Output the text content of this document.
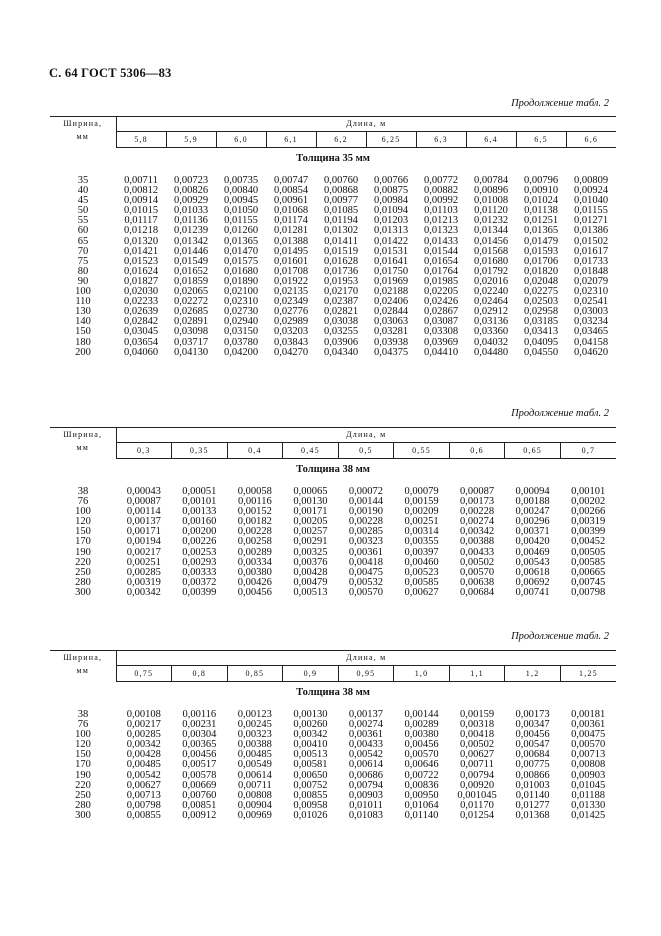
С. 64 ГОСТ 5306—83
Продолжение табл. 2
Ширина,
мм	Длина, м									
	5,8	5,9	6,0	6,1	6,2	6,25	6,3	6,4	6,5	6,6
Толщина 35 мм										

35	0,00711	0,00723	0,00735	0,00747	0,00760	0,00766	0,00772	0,00784	0,00796	0,00809
40	0,00812	0,00826	0,00840	0,00854	0,00868	0,00875	0,00882	0,00896	0,00910	0,00924
45	0,00914	0,00929	0,00945	0,00961	0,00977	0,00984	0,00992	0,01008	0,01024	0,01040
50	0,01015	0,01033	0,01050	0,01068	0,01085	0,01094	0,01103	0,01120	0,01138	0,01155
55	0,01117	0,01136	0,01155	0,01174	0,01194	0,01203	0,01213	0,01232	0,01251	0,01271
60	0,01218	0,01239	0,01260	0,01281	0,01302	0,01313	0,01323	0,01344	0,01365	0,01386
65	0,01320	0,01342	0,01365	0,01388	0,01411	0,01422	0,01433	0,01456	0,01479	0,01502
70	0,01421	0,01446	0,01470	0,01495	0,01519	0,01531	0,01544	0,01568	0,01593	0,01617
75	0,01523	0,01549	0,01575	0,01601	0,01628	0,01641	0,01654	0,01680	0,01706	0,01733
80	0,01624	0,01652	0,01680	0,01708	0,01736	0,01750	0,01764	0,01792	0,01820	0,01848
90	0,01827	0,01859	0,01890	0,01922	0,01953	0,01969	0,01985	0,02016	0,02048	0,02079
100	0,02030	0,02065	0,02100	0,02135	0,02170	0,02188	0,02205	0,02240	0,02275	0,02310
110	0,02233	0,02272	0,02310	0,02349	0,02387	0,02406	0,02426	0,02464	0,02503	0,02541
130	0,02639	0,02685	0,02730	0,02776	0,02821	0,02844	0,02867	0,02912	0,02958	0,03003
140	0,02842	0,02891	0,02940	0,02989	0,03038	0,03063	0,03087	0,03136	0,03185	0,03234
150	0,03045	0,03098	0,03150	0,03203	0,03255	0,03281	0,03308	0,03360	0,03413	0,03465
180	0,03654	0,03717	0,03780	0,03843	0,03906	0,03938	0,03969	0,04032	0,04095	0,04158
200	0,04060	0,04130	0,04200	0,04270	0,04340	0,04375	0,04410	0,04480	0,04550	0,04620
Продолжение табл. 2
Ширина,
мм	Длина, м								
	0,3	0,35	0,4	0,45	0,5	0,55	0,6	0,65	0,7
Толщина 38 мм									

38	0,00043	0,00051	0,00058	0,00065	0,00072	0,00079	0,00087	0,00094	0,00101
76	0,00087	0,00101	0,00116	0,00130	0,00144	0,00159	0,00173	0,00188	0,00202
100	0,00114	0,00133	0,00152	0,00171	0,00190	0,00209	0,00228	0,00247	0,00266
120	0,00137	0,00160	0,00182	0,00205	0,00228	0,00251	0,00274	0,00296	0,00319
150	0,00171	0,00200	0,00228	0,00257	0,00285	0,00314	0,00342	0,00371	0,00399
170	0,00194	0,00226	0,00258	0,00291	0,00323	0,00355	0,00388	0,00420	0,00452
190	0,00217	0,00253	0,00289	0,00325	0,00361	0,00397	0,00433	0,00469	0,00505
220	0,00251	0,00293	0,00334	0,00376	0,00418	0,00460	0,00502	0,00543	0,00585
250	0,00285	0,00333	0,00380	0,00428	0,00475	0,00523	0,00570	0,00618	0,00665
280	0,00319	0,00372	0,00426	0,00479	0,00532	0,00585	0,00638	0,00692	0,00745
300	0,00342	0,00399	0,00456	0,00513	0,00570	0,00627	0,00684	0,00741	0,00798
Продолжение табл. 2
Ширина,
мм	Длина, м								
	0,75	0,8	0,85	0,9	0,95	1,0	1,1	1,2	1,25
Толщина 38 мм									

38	0,00108	0,00116	0,00123	0,00130	0,00137	0,00144	0,00159	0,00173	0,00181
76	0,00217	0,00231	0,00245	0,00260	0,00274	0,00289	0,00318	0,00347	0,00361
100	0,00285	0,00304	0,00323	0,00342	0,00361	0,00380	0,00418	0,00456	0,00475
120	0,00342	0,00365	0,00388	0,00410	0,00433	0,00456	0,00502	0,00547	0,00570
150	0,00428	0,00456	0,00485	0,00513	0,00542	0,00570	0,00627	0,00684	0,00713
170	0,00485	0,00517	0,00549	0,00581	0,00614	0,00646	0,00711	0,00775	0,00808
190	0,00542	0,00578	0,00614	0,00650	0,00686	0,00722	0,00794	0,00866	0,00903
220	0,00627	0,00669	0,00711	0,00752	0,00794	0,00836	0,00920	0,01003	0,01045
250	0,00713	0,00760	0,00808	0,00855	0,00903	0,00950	0,001045	0,01140	0,01188
280	0,00798	0,00851	0,00904	0,00958	0,01011	0,01064	0,01170	0,01277	0,01330
300	0,00855	0,00912	0,00969	0,01026	0,01083	0,01140	0,01254	0,01368	0,01425
